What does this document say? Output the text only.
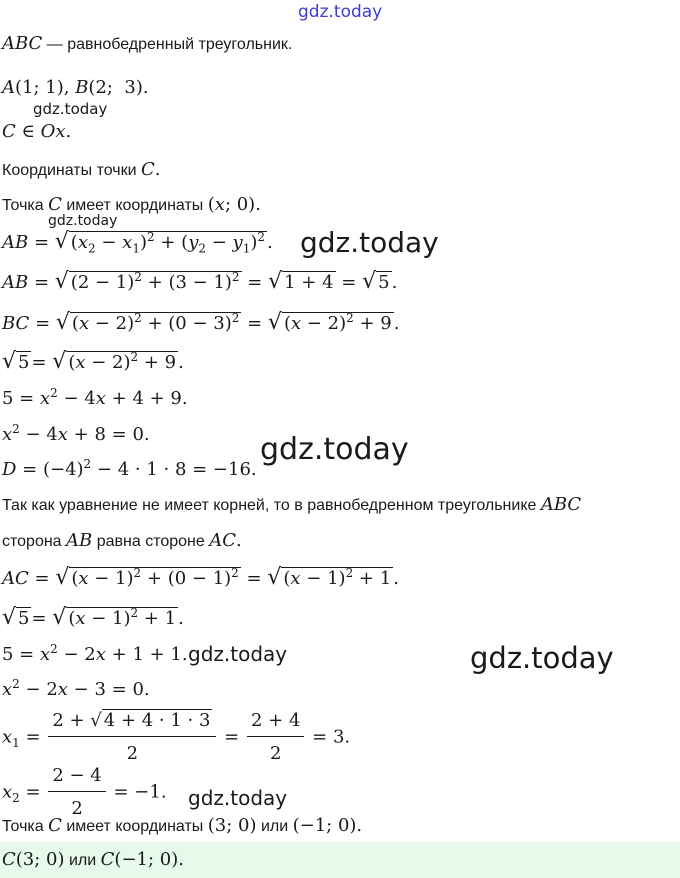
gdz.today
gdz.today
gdz.today
gdz.today
gdz.today
gdz.today	gdz.today
gdz.today
ABC — равнобедренный треугольник.
A(1; 1), B(2;  3).
C ∈ Ox.
Координаты точки C.
Точка C имеет координаты (x; 0).
AB = √ $(x_2 - x_1)^2 + (y_2 - y_1)^2$ .
AB = √ $(2 - 1)^2 + (3 - 1)^2$ = √ 1 + 4 = √ 5 .
BC = √ $(x - 2)^2 + (0 - 3)^2$ = √ $(x - 2)^2 + 9$ .
√ 5 = √ $(x - 2)^2 + 9$ .
$5 = x^2 - 4x + 4 + 9$.
$x^2 - 4x + 8 = 0$.
$D = (-4)^2 - 4 \cdot 1 \cdot 8 = -16$.
Так как уравнение не имеет корней, то в равнобедренном треугольнике ABC
сторона AB равна стороне AC.
AC = √ $(x - 1)^2 + (0 - 1)^2$ = √ $(x - 1)^2 + 1$ .
√ 5 = √ $(x - 1)^2 + 1$ .
$5 = x^2 - 2x + 1 + 1$.
$x^2 - 2x - 3 = 0$.
$x_1 = \frac{2 + √ 4 + 4 \cdot 1 \cdot 3}{2} = \frac{2 + 4}{2} = 3$.
$x_2 = \frac{2 - 4}{2} = -1$.
Точка C имеет координаты (3; 0) или (−1; 0).
C(3; 0) или C(−1; 0).
